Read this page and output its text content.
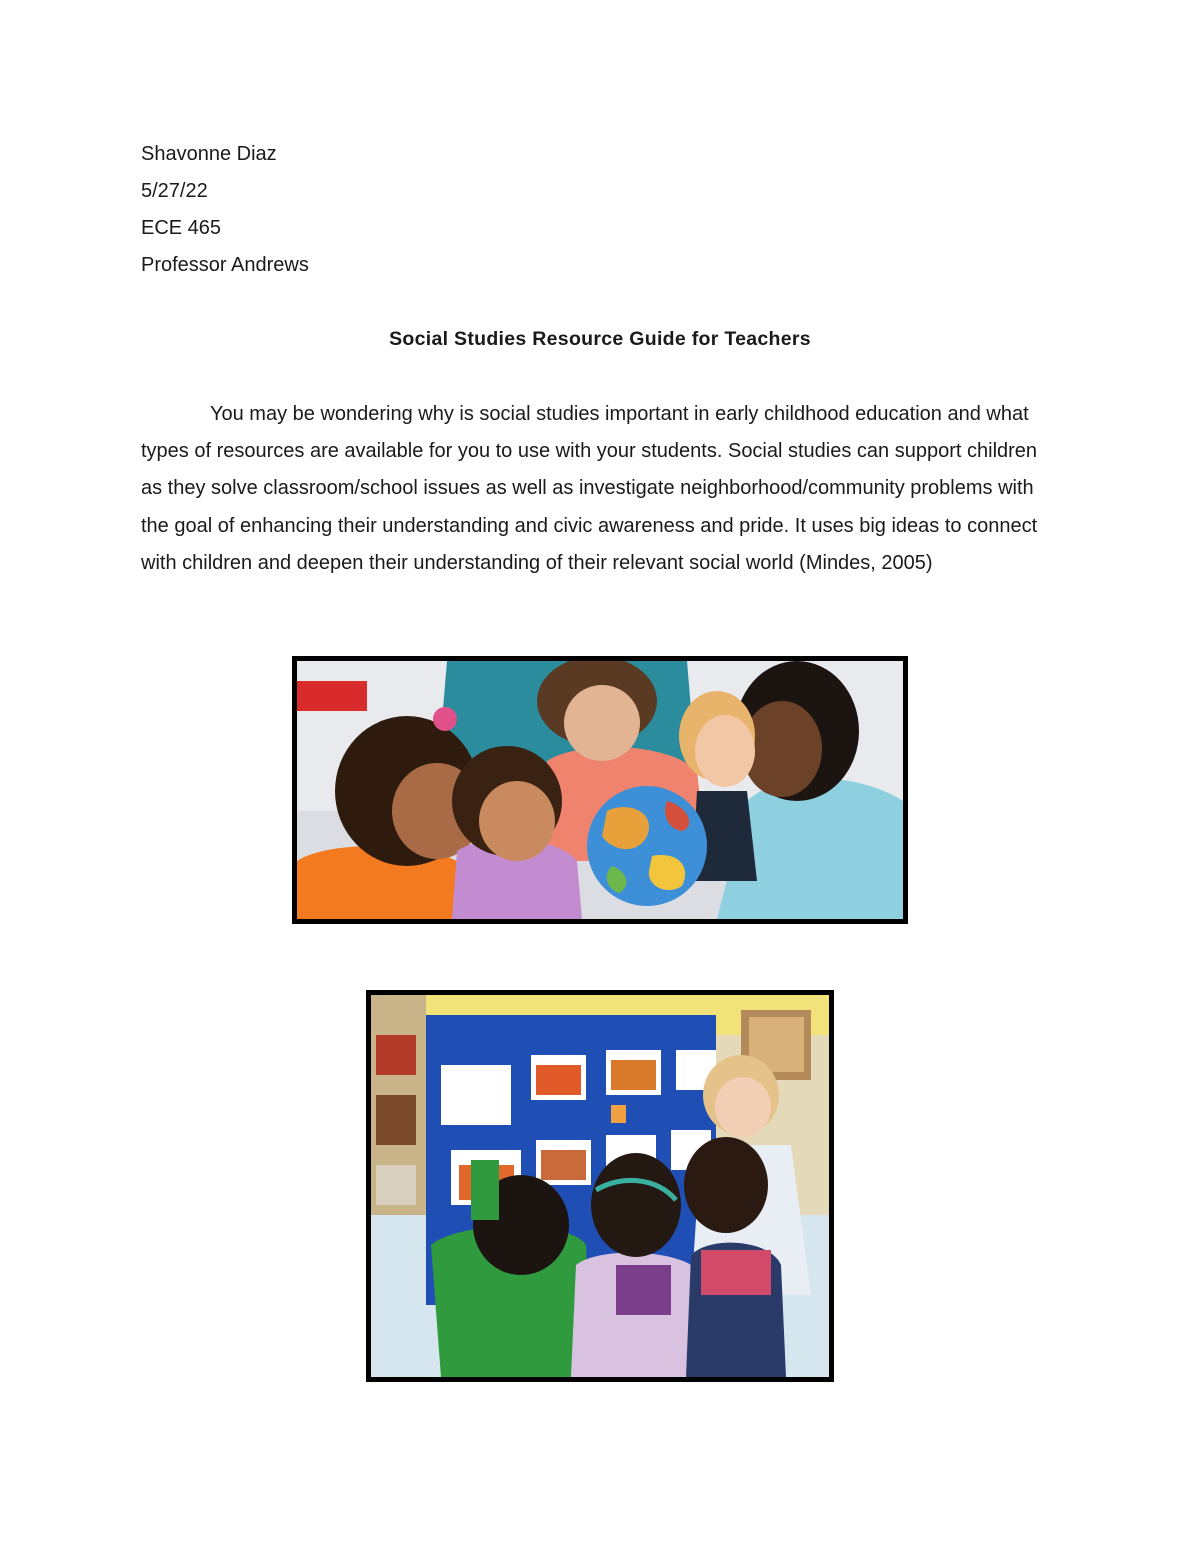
Shavonne Diaz

5/27/22

ECE 465

Professor Andrews

Social Studies Resource Guide for Teachers

You may be wondering why is social studies important in early childhood education and what types of resources are available for you to use with your students. Social studies can support children as they solve classroom/school issues as well as investigate neighborhood/community problems with the goal of enhancing their understanding and civic awareness and pride. It uses big ideas to connect with children and deepen their understanding of their relevant social world (Mindes, 2005)
